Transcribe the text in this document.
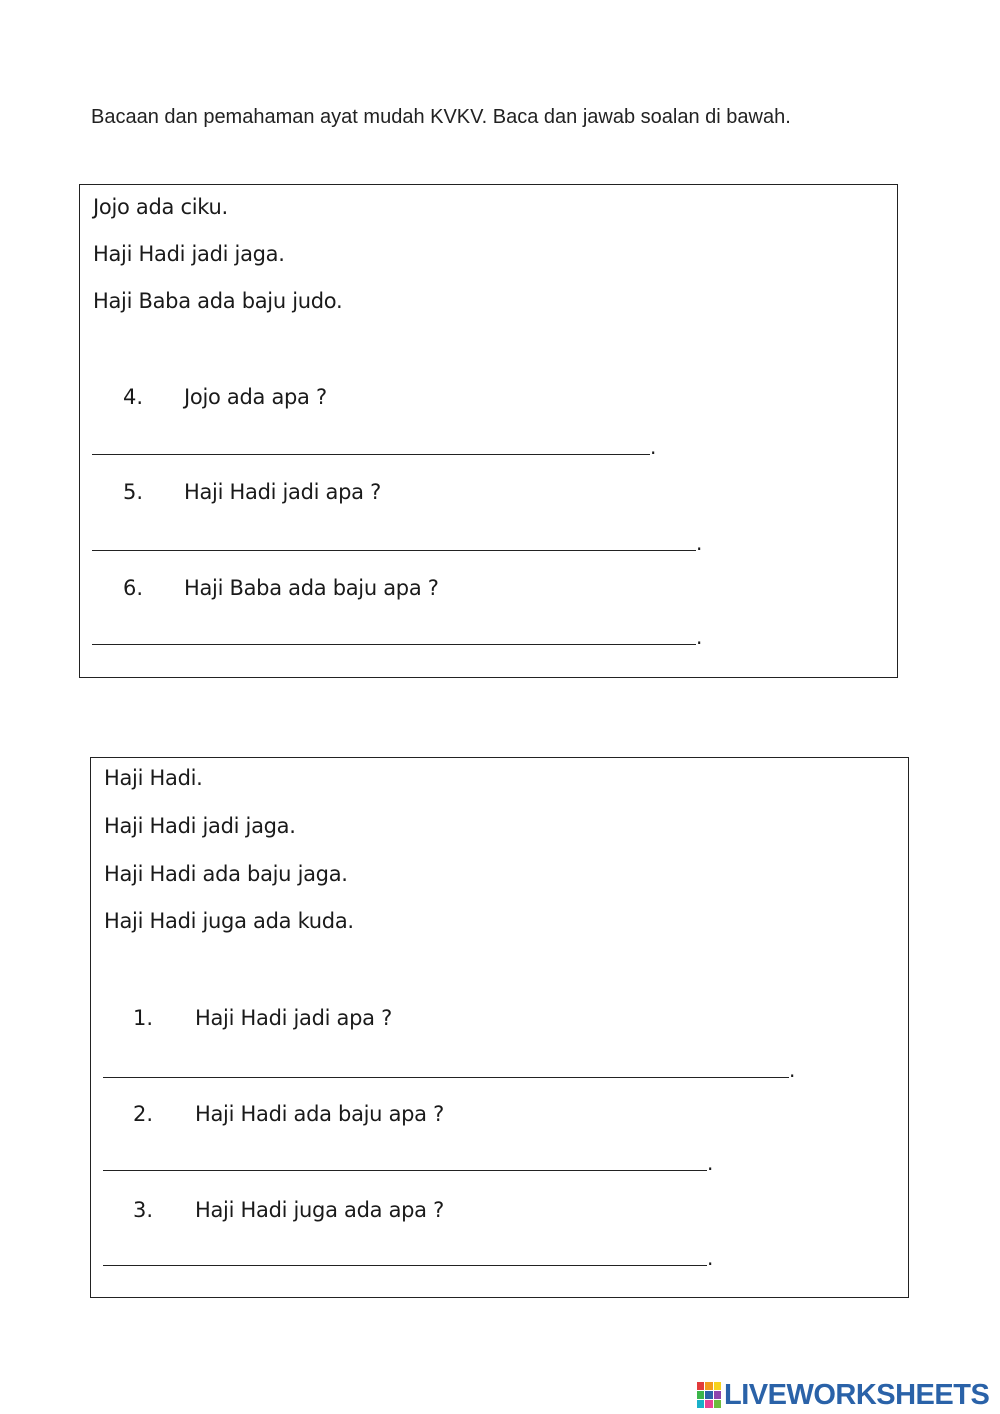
Bacaan dan pemahaman ayat mudah KVKV. Baca dan jawab soalan di bawah.
Jojo ada ciku.
Haji Hadi jadi jaga.
Haji Baba ada baju judo.
4. Jojo ada apa ?
.
5. Haji Hadi jadi apa ?
.
6. Haji Baba ada baju apa ?
.
Haji Hadi.
Haji Hadi jadi jaga.
Haji Hadi ada baju jaga.
Haji Hadi juga ada kuda.
1. Haji Hadi jadi apa ?
.
2. Haji Hadi ada baju apa ?
.
3. Haji Hadi juga ada apa ?
.
LIVEWORKSHEETS
